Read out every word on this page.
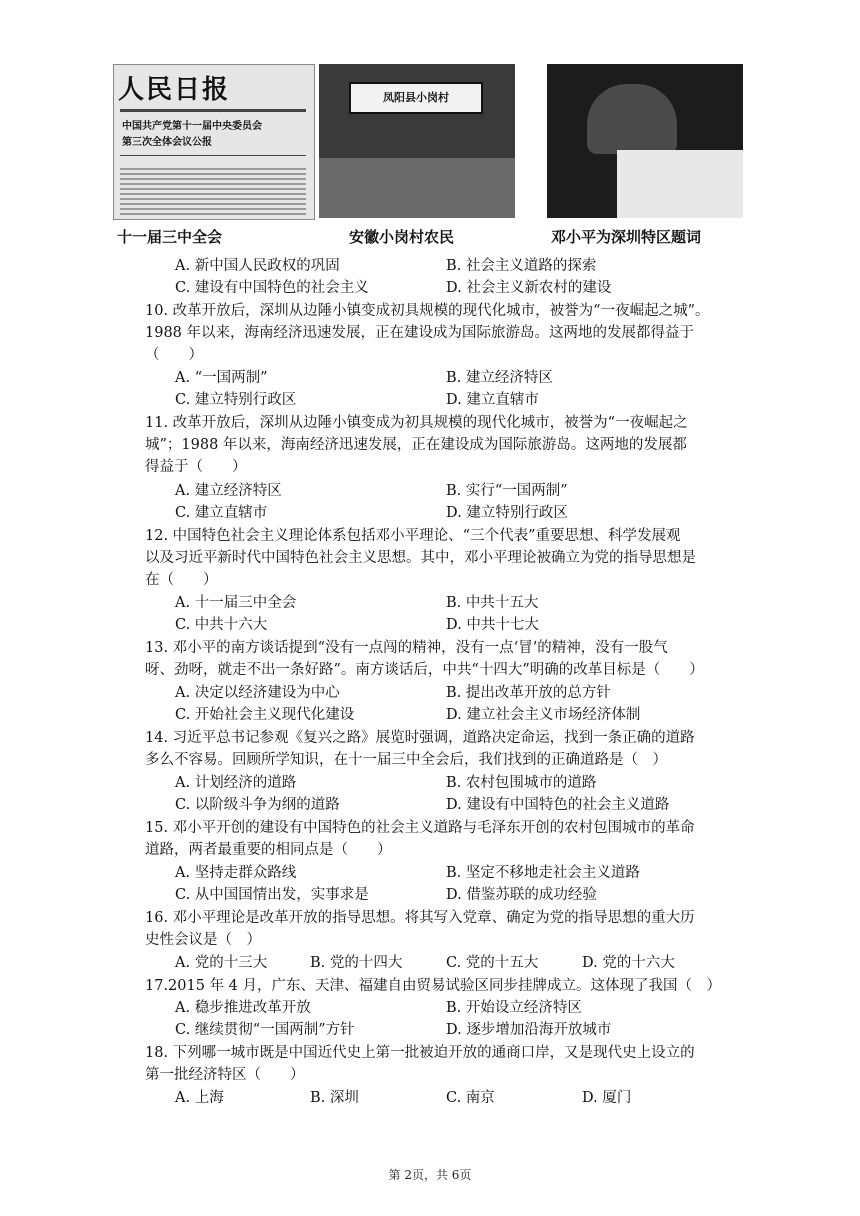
人民日报
中国共产党第十一届中央委员会
第三次全体会议公报
凤阳县小岗村
十一届三中全会	安徽小岗村农民	邓小平为深圳特区题词
A. 新中国人民政权的巩固	B. 社会主义道路的探索
C. 建设有中国特色的社会主义	D. 社会主义新农村的建设
10. 改革开放后，深圳从边陲小镇变成初具规模的现代化城市，被誉为“一夜崛起之城”。
1988 年以来，海南经济迅速发展，正在建设成为国际旅游岛。这两地的发展都得益于
（　　）
A. “一国两制”	B. 建立经济特区
C. 建立特别行政区	D. 建立直辖市
11. 改革开放后，深圳从边陲小镇变成为初具规模的现代化城市，被誉为“一夜崛起之
城”；1988 年以来，海南经济迅速发展，正在建设成为国际旅游岛。这两地的发展都
得益于（　　）
A. 建立经济特区	B. 实行“一国两制”
C. 建立直辖市	D. 建立特别行政区
12. 中国特色社会主义理论体系包括邓小平理论、“三个代表”重要思想、科学发展观
以及习近平新时代中国特色社会主义思想。其中，邓小平理论被确立为党的指导思想是
在（　　）
A. 十一届三中全会	B. 中共十五大
C. 中共十六大	D. 中共十七大
13. 邓小平的南方谈话提到“没有一点闯的精神，没有一点‘冒’的精神，没有一股气
呀、劲呀，就走不出一条好路”。南方谈话后，中共“十四大”明确的改革目标是（　　）
A. 决定以经济建设为中心	B. 提出改革开放的总方针
C. 开始社会主义现代化建设	D. 建立社会主义市场经济体制
14. 习近平总书记参观《复兴之路》展览时强调，道路决定命运，找到一条正确的道路
多么不容易。回顾所学知识，在十一届三中全会后，我们找到的正确道路是（　）
A. 计划经济的道路	B. 农村包围城市的道路
C. 以阶级斗争为纲的道路	D. 建设有中国特色的社会主义道路
15. 邓小平开创的建设有中国特色的社会主义道路与毛泽东开创的农村包围城市的革命
道路，两者最重要的相同点是（　　）
A. 坚持走群众路线	B. 坚定不移地走社会主义道路
C. 从中国国情出发，实事求是	D. 借鉴苏联的成功经验
16. 邓小平理论是改革开放的指导思想。将其写入党章、确定为党的指导思想的重大历
史性会议是（　）
A. 党的十三大	B. 党的十四大	C. 党的十五大	D. 党的十六大
17.2015 年 4 月，广东、天津、福建自由贸易试验区同步挂牌成立。这体现了我国（　）
A. 稳步推进改革开放	B. 开始设立经济特区
C. 继续贯彻“一国两制”方针	D. 逐步增加沿海开放城市
18. 下列哪一城市既是中国近代史上第一批被迫开放的通商口岸，又是现代史上设立的
第一批经济特区（　　）
A. 上海	B. 深圳	C. 南京	D. 厦门
第 2页，共 6页
